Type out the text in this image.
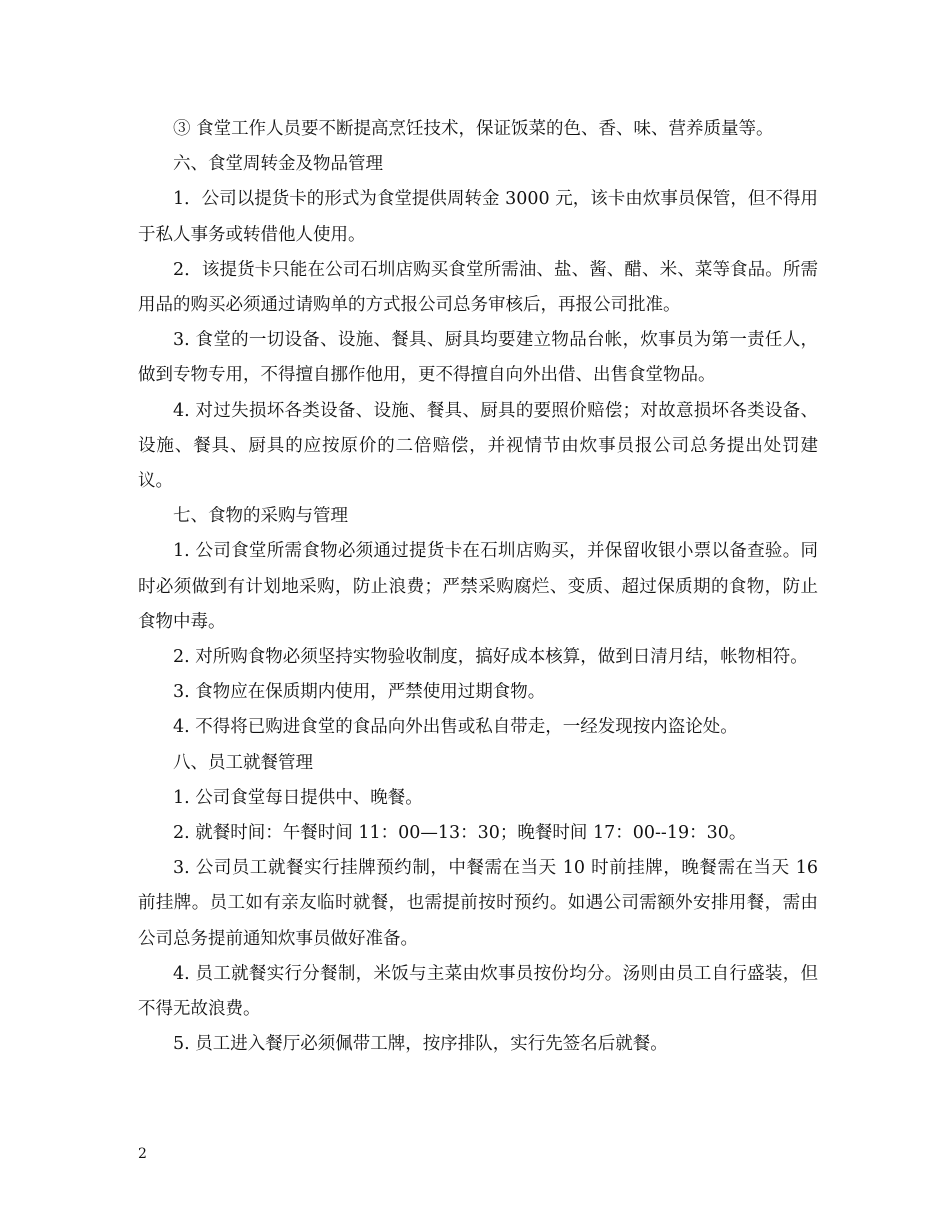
③ 食堂工作人员要不断提高烹饪技术，保证饭菜的色、香、味、营养质量等。

六、食堂周转金及物品管理

1．公司以提货卡的形式为食堂提供周转金 3000 元，该卡由炊事员保管，但不得用于私人事务或转借他人使用。

2．该提货卡只能在公司石圳店购买食堂所需油、盐、酱、醋、米、菜等食品。所需用品的购买必须通过请购单的方式报公司总务审核后，再报公司批准。

3. 食堂的一切设备、设施、餐具、厨具均要建立物品台帐，炊事员为第一责任人，做到专物专用，不得擅自挪作他用，更不得擅自向外出借、出售食堂物品。

4. 对过失损坏各类设备、设施、餐具、厨具的要照价赔偿；对故意损坏各类设备、设施、餐具、厨具的应按原价的二倍赔偿，并视情节由炊事员报公司总务提出处罚建议。

七、食物的采购与管理

1. 公司食堂所需食物必须通过提货卡在石圳店购买，并保留收银小票以备查验。同时必须做到有计划地采购，防止浪费；严禁采购腐烂、变质、超过保质期的食物，防止食物中毒。

2. 对所购食物必须坚持实物验收制度，搞好成本核算，做到日清月结，帐物相符。

3. 食物应在保质期内使用，严禁使用过期食物。

4. 不得将已购进食堂的食品向外出售或私自带走，一经发现按内盗论处。

八、员工就餐管理

1. 公司食堂每日提供中、晚餐。

2. 就餐时间：午餐时间 11：00—13：30；晚餐时间 17：00--19：30。

3. 公司员工就餐实行挂牌预约制，中餐需在当天 10 时前挂牌，晚餐需在当天 16 前挂牌。员工如有亲友临时就餐，也需提前按时预约。如遇公司需额外安排用餐，需由公司总务提前通知炊事员做好准备。

4. 员工就餐实行分餐制，米饭与主菜由炊事员按份均分。汤则由员工自行盛装，但不得无故浪费。

5. 员工进入餐厅必须佩带工牌，按序排队，实行先签名后就餐。

2
